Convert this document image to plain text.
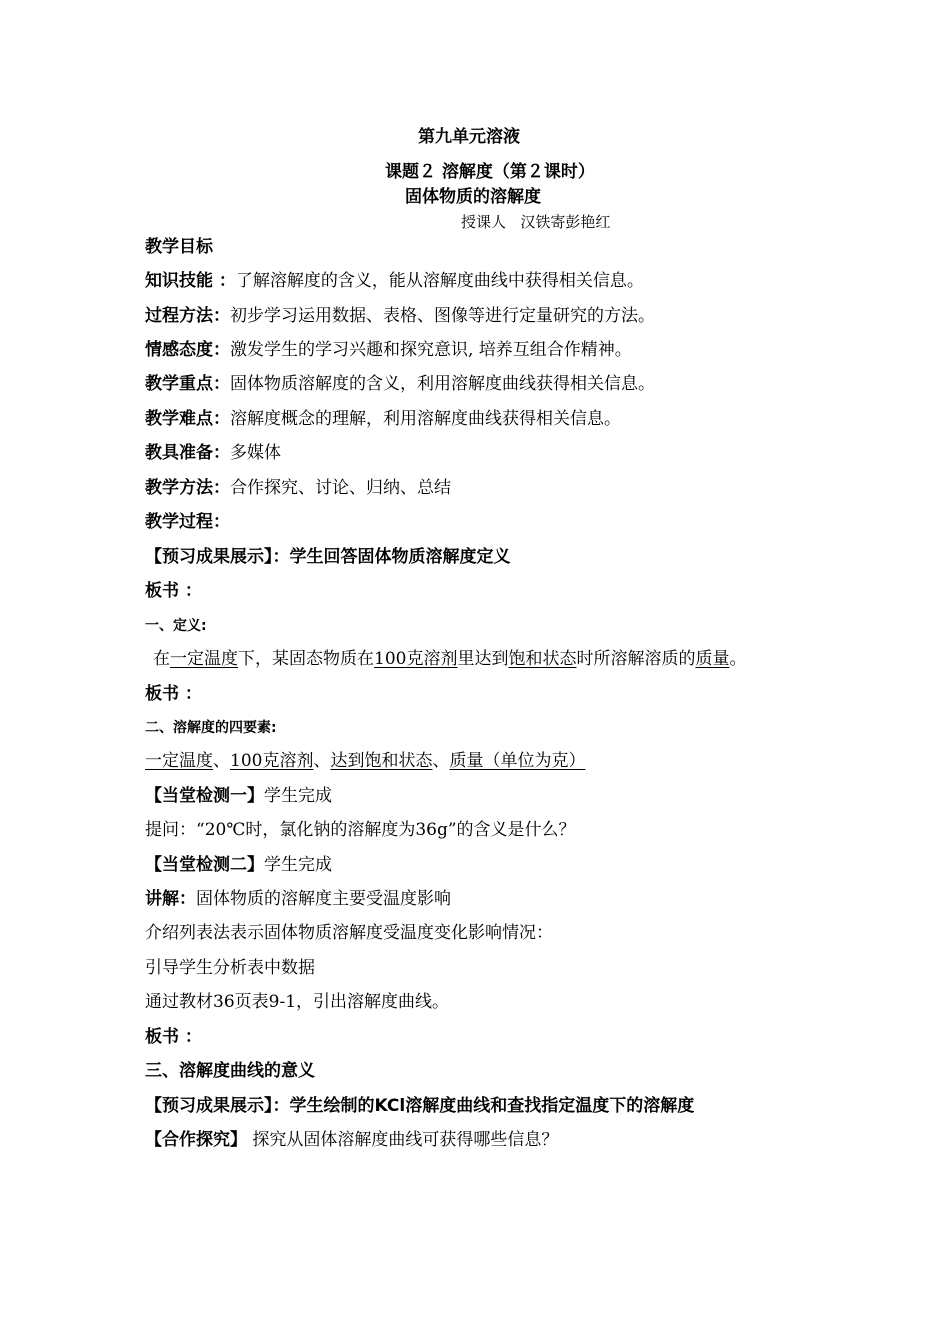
第九单元溶液
课题２ 溶解度（第２课时）
固体物质的溶解度
授课人 汉铁寄彭艳红
教学目标
知识技能 ：了解溶解度的含义，能从溶解度曲线中获得相关信息。
过程方法：初步学习运用数据、表格、图像等进行定量研究的方法。
情感态度：激发学生的学习兴趣和探究意识, 培养互组合作精神。
教学重点：固体物质溶解度的含义，利用溶解度曲线获得相关信息。
教学难点：溶解度概念的理解，利用溶解度曲线获得相关信息。
教具准备：多媒体
教学方法：合作探究、讨论、归纳、总结
教学过程：
【预习成果展示】：学生回答固体物质溶解度定义
板书 ：
一、定义:
在一定温度下，某固态物质在100克溶剂里达到饱和状态时所溶解溶质的质量。
板书 ：
二、溶解度的四要素:
一定温度、100克溶剂、达到饱和状态、质量（单位为克）
【当堂检测一】学生完成
提问：“20℃时，氯化钠的溶解度为36g”的含义是什么？
【当堂检测二】学生完成
讲解：固体物质的溶解度主要受温度影响
介绍列表法表示固体物质溶解度受温度变化影响情况：
引导学生分析表中数据
通过教材36页表9-1，引出溶解度曲线。
板书 ：
三、溶解度曲线的意义
【预习成果展示】：学生绘制的KCl溶解度曲线和查找指定温度下的溶解度
【合作探究】 探究从固体溶解度曲线可获得哪些信息？
